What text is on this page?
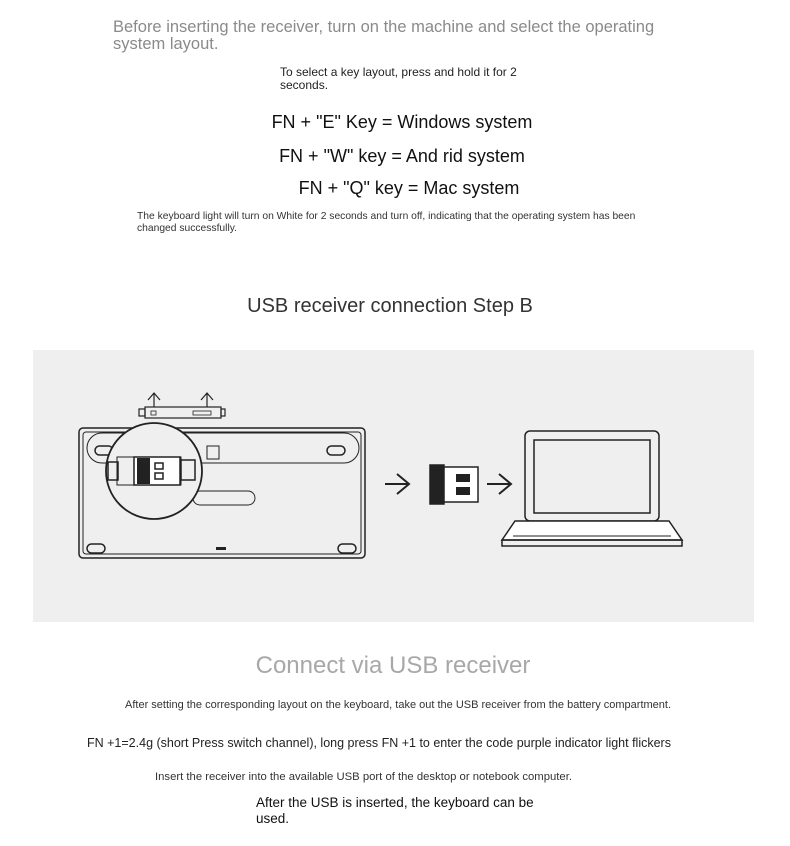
Before inserting the receiver, turn on the machine and select the operating system layout.
To select a key layout, press and hold it for 2 seconds.
FN + "E" Key = Windows system
FN + "W" key = And rid system
FN + "Q" key = Mac system
The keyboard light will turn on White for 2 seconds and turn off, indicating that the operating system has been changed successfully.
USB receiver connection Step B
Connect via USB receiver
After setting the corresponding layout on the keyboard, take out the USB receiver from the battery compartment.
FN +1=2.4g (short Press switch channel), long press FN +1 to enter the code purple indicator light flickers
Insert the receiver into the available USB port of the desktop or notebook computer.
After the USB is inserted, the keyboard can be used.
